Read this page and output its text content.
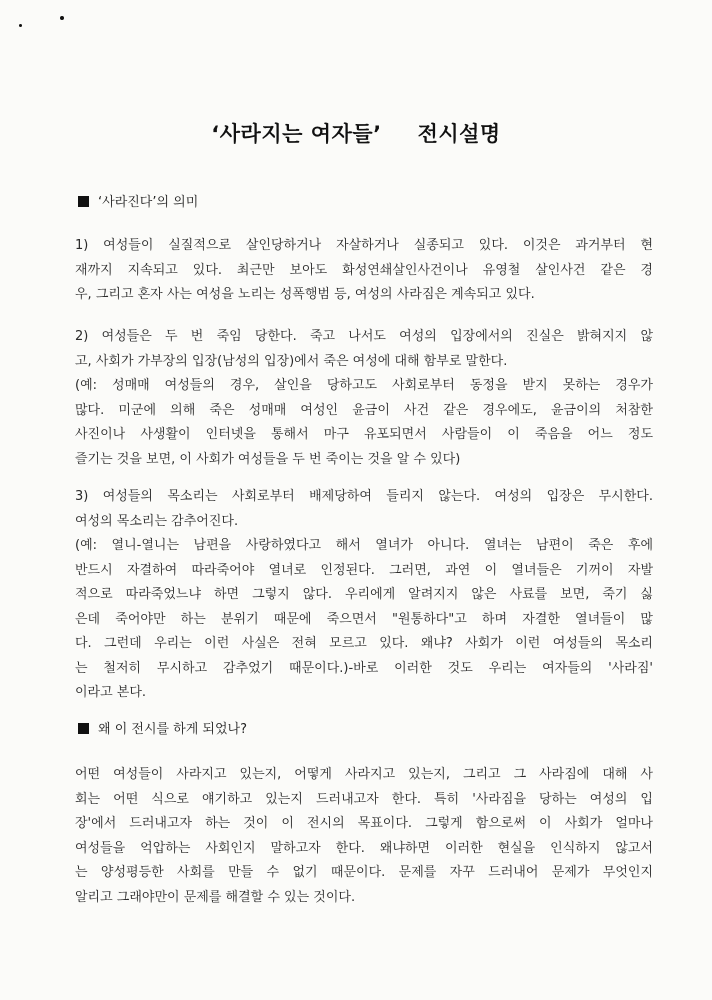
‘사라지는 여자들’ 전시설명
‘사라진다’의 의미
1) 여성들이 실질적으로 살인당하거나 자살하거나 실종되고 있다. 이것은 과거부터 현
재까지 지속되고 있다. 최근만 보아도 화성연쇄살인사건이나 유영철 살인사건 같은 경
우, 그리고 혼자 사는 여성을 노리는 성폭행범 등, 여성의 사라짐은 계속되고 있다.
2) 여성들은 두 번 죽임 당한다. 죽고 나서도 여성의 입장에서의 진실은 밝혀지지 않
고, 사회가 가부장의 입장(남성의 입장)에서 죽은 여성에 대해 함부로 말한다.
(예: 성매매 여성들의 경우, 살인을 당하고도 사회로부터 동정을 받지 못하는 경우가
많다. 미군에 의해 죽은 성매매 여성인 윤금이 사건 같은 경우에도, 윤금이의 처참한
사진이나 사생활이 인터넷을 통해서 마구 유포되면서 사람들이 이 죽음을 어느 정도
즐기는 것을 보면, 이 사회가 여성들을 두 번 죽이는 것을 알 수 있다)
3) 여성들의 목소리는 사회로부터 배제당하여 들리지 않는다. 여성의 입장은 무시한다.
여성의 목소리는 감추어진다.
(예: 열니-열니는 남편을 사랑하였다고 해서 열녀가 아니다. 열녀는 남편이 죽은 후에
반드시 자결하여 따라죽어야 열녀로 인정된다. 그러면, 과연 이 열녀들은 기꺼이 자발
적으로 따라죽었느냐 하면 그렇지 않다. 우리에게 알려지지 않은 사료를 보면, 죽기 싫
은데 죽어야만 하는 분위기 때문에 죽으면서 "원통하다"고 하며 자결한 열녀들이 많
다. 그런데 우리는 이런 사실은 전혀 모르고 있다. 왜냐? 사회가 이런 여성들의 목소리
는 철저히 무시하고 감추었기 때문이다.)-바로 이러한 것도 우리는 여자들의 '사라짐'
이라고 본다.
왜 이 전시를 하게 되었나?
어떤 여성들이 사라지고 있는지, 어떻게 사라지고 있는지, 그리고 그 사라짐에 대해 사
회는 어떤 식으로 얘기하고 있는지 드러내고자 한다. 특히 '사라짐을 당하는 여성의 입
장'에서 드러내고자 하는 것이 이 전시의 목표이다. 그렇게 함으로써 이 사회가 얼마나
여성들을 억압하는 사회인지 말하고자 한다. 왜냐하면 이러한 현실을 인식하지 않고서
는 양성평등한 사회를 만들 수 없기 때문이다. 문제를 자꾸 드러내어 문제가 무엇인지
알리고 그래야만이 문제를 해결할 수 있는 것이다.
